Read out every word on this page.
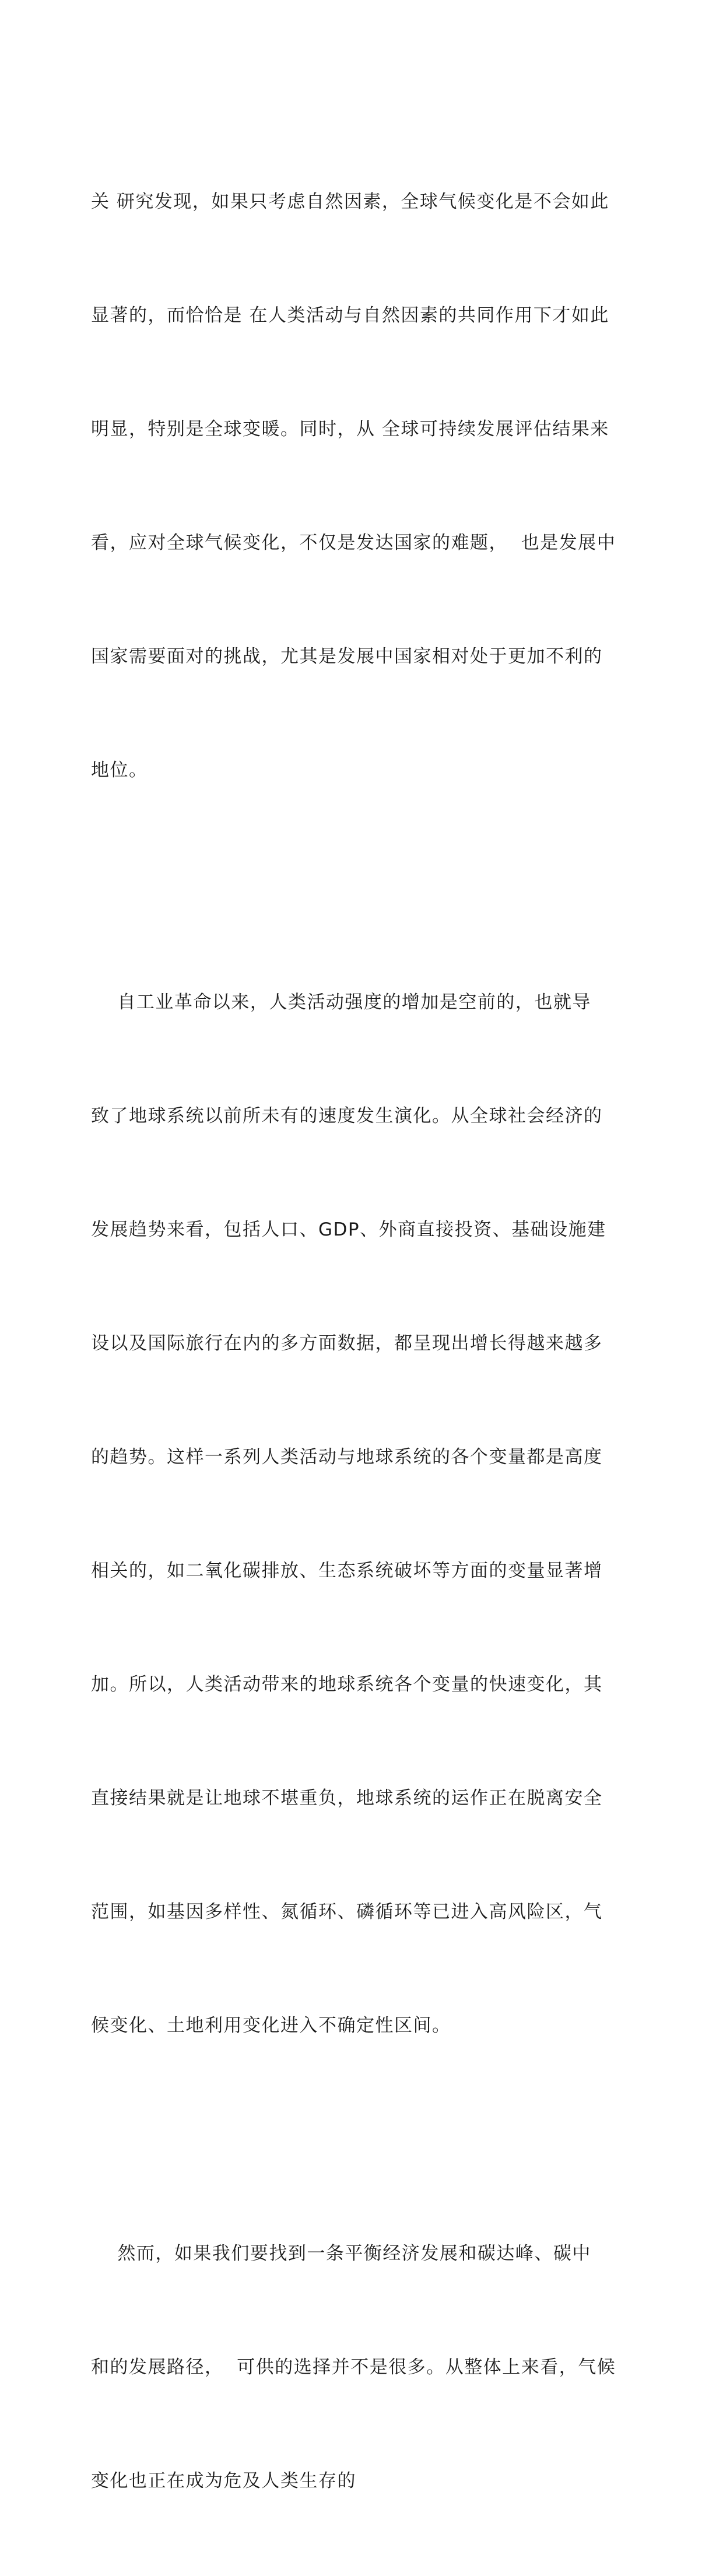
关 研究发现，如果只考虑自然因素，全球气候变化是不会如此

显著的，而恰恰是 在人类活动与自然因素的共同作用下才如此

明显，特别是全球变暖。同时，从 全球可持续发展评估结果来

看，应对全球气候变化，不仅是发达国家的难题，  也是发展中

国家需要面对的挑战，尤其是发展中国家相对处于更加不利的

地位。

自工业革命以来，人类活动强度的增加是空前的，也就导

致了地球系统以前所未有的速度发生演化。从全球社会经济的

发展趋势来看，包括人口、GDP、外商直接投资、基础设施建

设以及国际旅行在内的多方面数据，都呈现出增长得越来越多

的趋势。这样一系列人类活动与地球系统的各个变量都是高度

相关的，如二氧化碳排放、生态系统破坏等方面的变量显著增

加。所以，人类活动带来的地球系统各个变量的快速变化，其

直接结果就是让地球不堪重负，地球系统的运作正在脱离安全

范围，如基因多样性、氮循环、磷循环等已进入高风险区，气

候变化、土地利用变化进入不确定性区间。

然而，如果我们要找到一条平衡经济发展和碳达峰、碳中

和的发展路径，  可供的选择并不是很多。从整体上来看，气候

变化也正在成为危及人类生存的
